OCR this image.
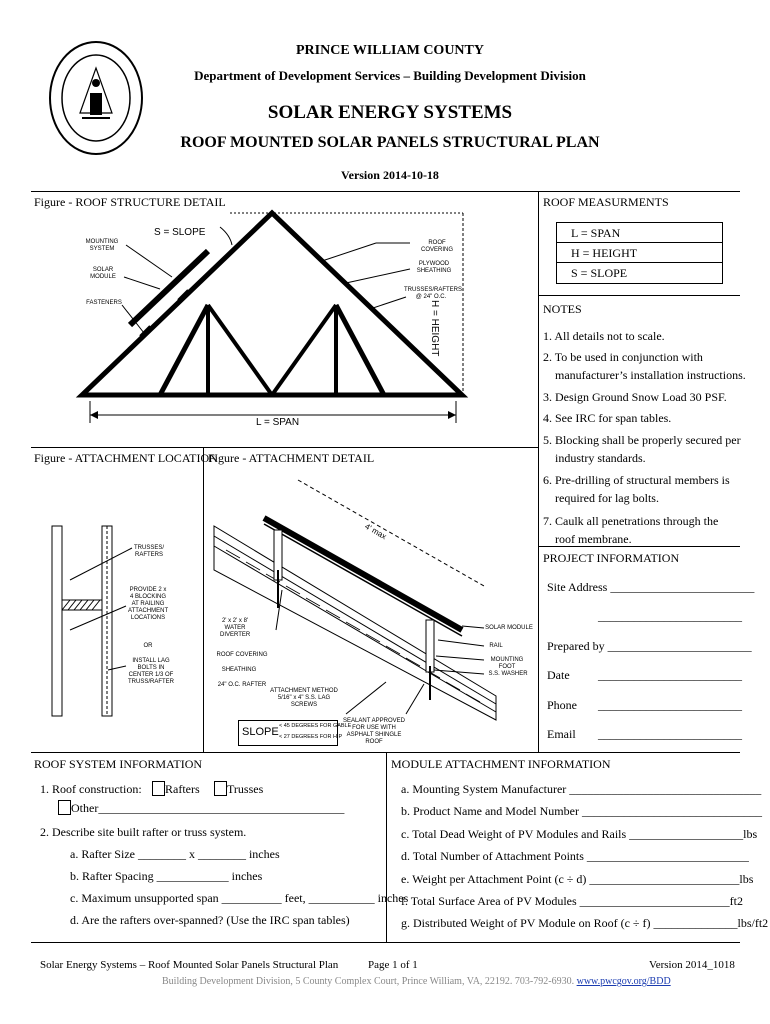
PRINCE WILLIAM COUNTY
Department of Development Services – Building Development Division
SOLAR ENERGY SYSTEMS
ROOF MOUNTED SOLAR PANELS STRUCTURAL PLAN
Version 2014-10-18
Figure - ROOF STRUCTURE DETAIL
S = SLOPE
L = SPAN
H = HEIGHT
MOUNTING SYSTEM
SOLAR MODULE
FASTENERS
ROOF COVERING
PLYWOOD SHEATHING
TRUSSES/RAFTERS @ 24" O.C.
ROOF MEASURMENTS
L = SPAN
H = HEIGHT
S = SLOPE
NOTES
1. All details not to scale.
2. To be used in conjunction with manufacturer’s installation instructions.
3. Design Ground Snow Load 30 PSF.
4. See IRC for span tables.
5. Blocking shall be properly secured per industry standards.
6. Pre-drilling of structural members is required for lag bolts.
7. Caulk all penetrations through the roof membrane.
Figure - ATTACHMENT LOCATION
TRUSSES/ RAFTERS
PROVIDE 2 x 4 BLOCKING AT RAILING ATTACHMENT LOCATIONS
OR
INSTALL LAG BOLTS IN CENTER 1/3 OF TRUSS/RAFTER
Figure - ATTACHMENT DETAIL
4' max
2' x 2' x 8' WATER DIVERTER
ROOF COVERING
SHEATHING
24" O.C. RAFTER
ATTACHMENT METHOD 5/16" x 4" S.S. LAG SCREWS
SOLAR MODULE
RAIL
MOUNTING FOOT
S.S. WASHER
SEALANT APPROVED FOR USE WITH ASPHALT SHINGLE ROOF
SLOPE < 45 DEGREES FOR GABLE
< 27 DEGREES FOR HIP
PROJECT INFORMATION
Site Address ________________________
________________________
Prepared by ________________________
Date ________________________
Phone ________________________
Email ________________________
ROOF SYSTEM INFORMATION
1. Roof construction: Rafters Trusses
Other_________________________________________
2. Describe site built rafter or truss system.
a. Rafter Size ________ x ________ inches
b. Rafter Spacing ____________ inches
c. Maximum unsupported span __________ feet, ___________ inches
d. Are the rafters over-spanned? (Use the IRC span tables)
MODULE ATTACHMENT INFORMATION
a. Mounting System Manufacturer ________________________________
b. Product Name and Model Number ______________________________
c. Total Dead Weight of PV Modules and Rails ___________________lbs
d. Total Number of Attachment Points ___________________________
e. Weight per Attachment Point (c ÷ d) _________________________lbs
f. Total Surface Area of PV Modules _________________________ft2
g. Distributed Weight of PV Module on Roof (c ÷ f) ______________lbs/ft2
Solar Energy Systems – Roof Mounted Solar Panels Structural Plan	Page 1 of 1	Version 2014_1018
Building Development Division, 5 County Complex Court, Prince William, VA, 22192. 703-792-6930. www.pwcgov.org/BDD
